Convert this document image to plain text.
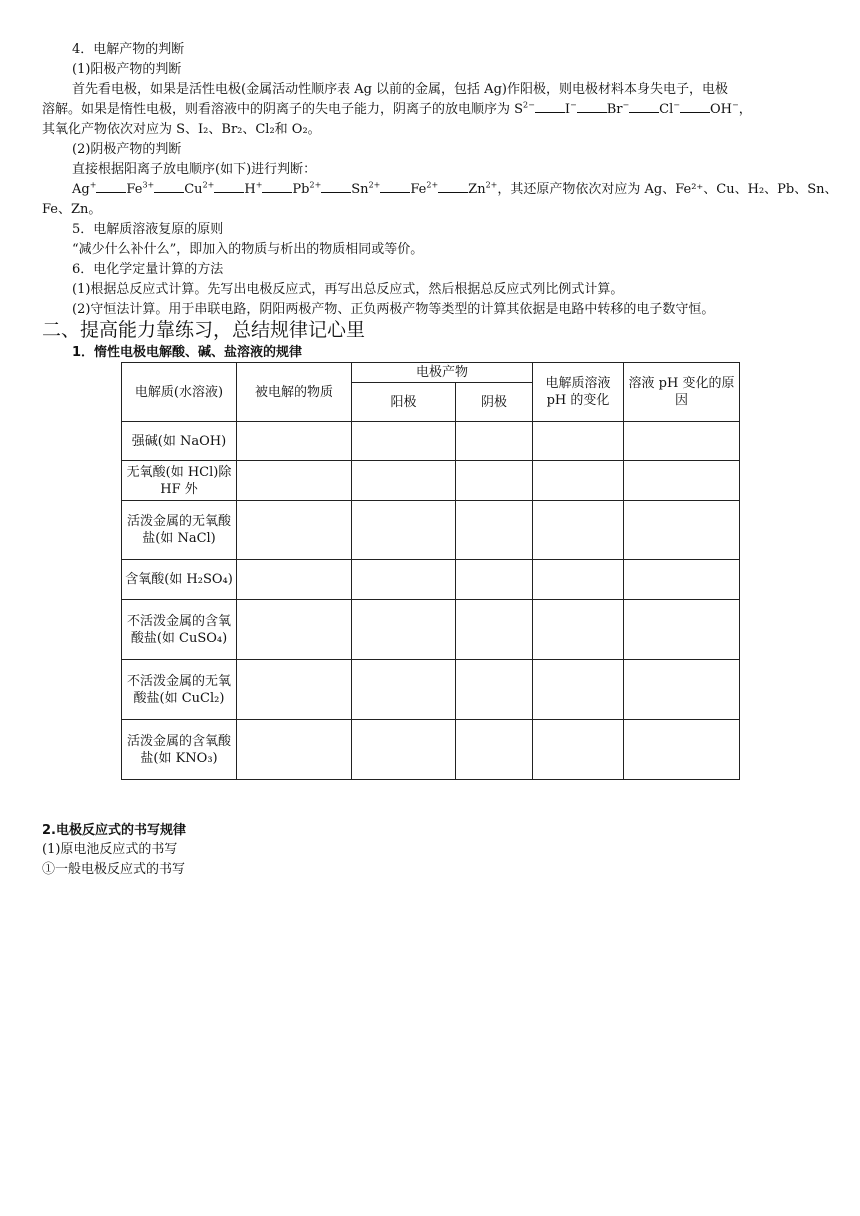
4．电解产物的判断
(1)阳极产物的判断
首先看电极，如果是活性电极(金属活动性顺序表 Ag 以前的金属，包括 Ag)作阳极，则电极材料本身失电子，电极
溶解。如果是惰性电极，则看溶液中的阴离子的失电子能力，阴离子的放电顺序为 $S^{2-}$ I− Br− Cl− OH−，
其氧化产物依次对应为 S、I₂、Br₂、Cl₂和 O₂。
(2)阴极产物的判断
直接根据阳离子放电顺序(如下)进行判断：
Ag+ $Fe^{3+}$ $Cu^{2+}$ H+ $Pb^{2+}$ $Sn^{2+}$ $Fe^{2+}$ $Zn^{2+}$，其还原产物依次对应为 Ag、Fe²⁺、Cu、H₂、Pb、Sn、
Fe、Zn。
5．电解质溶液复原的原则
“减少什么补什么”，即加入的物质与析出的物质相同或等价。
6．电化学定量计算的方法
(1)根据总反应式计算。先写出电极反应式，再写出总反应式，然后根据总反应式列比例式计算。
(2)守恒法计算。用于串联电路，阴阳两极产物、正负两极产物等类型的计算其依据是电路中转移的电子数守恒。
二、提高能力靠练习，总结规律记心里
1．惰性电极电解酸、碱、盐溶液的规律
电解质(水溶液)	被电解的物质	电极产物		电解质溶液 pH 的变化	溶液 pH 变化的原因

		阳极	阴极		

强碱(如 NaOH)					
无氧酸(如 HCl)除 HF 外					
活泼金属的无氧酸盐(如 NaCl)					
含氧酸(如 H₂SO₄)					
不活泼金属的含氧酸盐(如 CuSO₄)					
不活泼金属的无氧酸盐(如 CuCl₂)					
活泼金属的含氧酸盐(如 KNO₃)					
2.电极反应式的书写规律
(1)原电池反应式的书写
①一般电极反应式的书写
